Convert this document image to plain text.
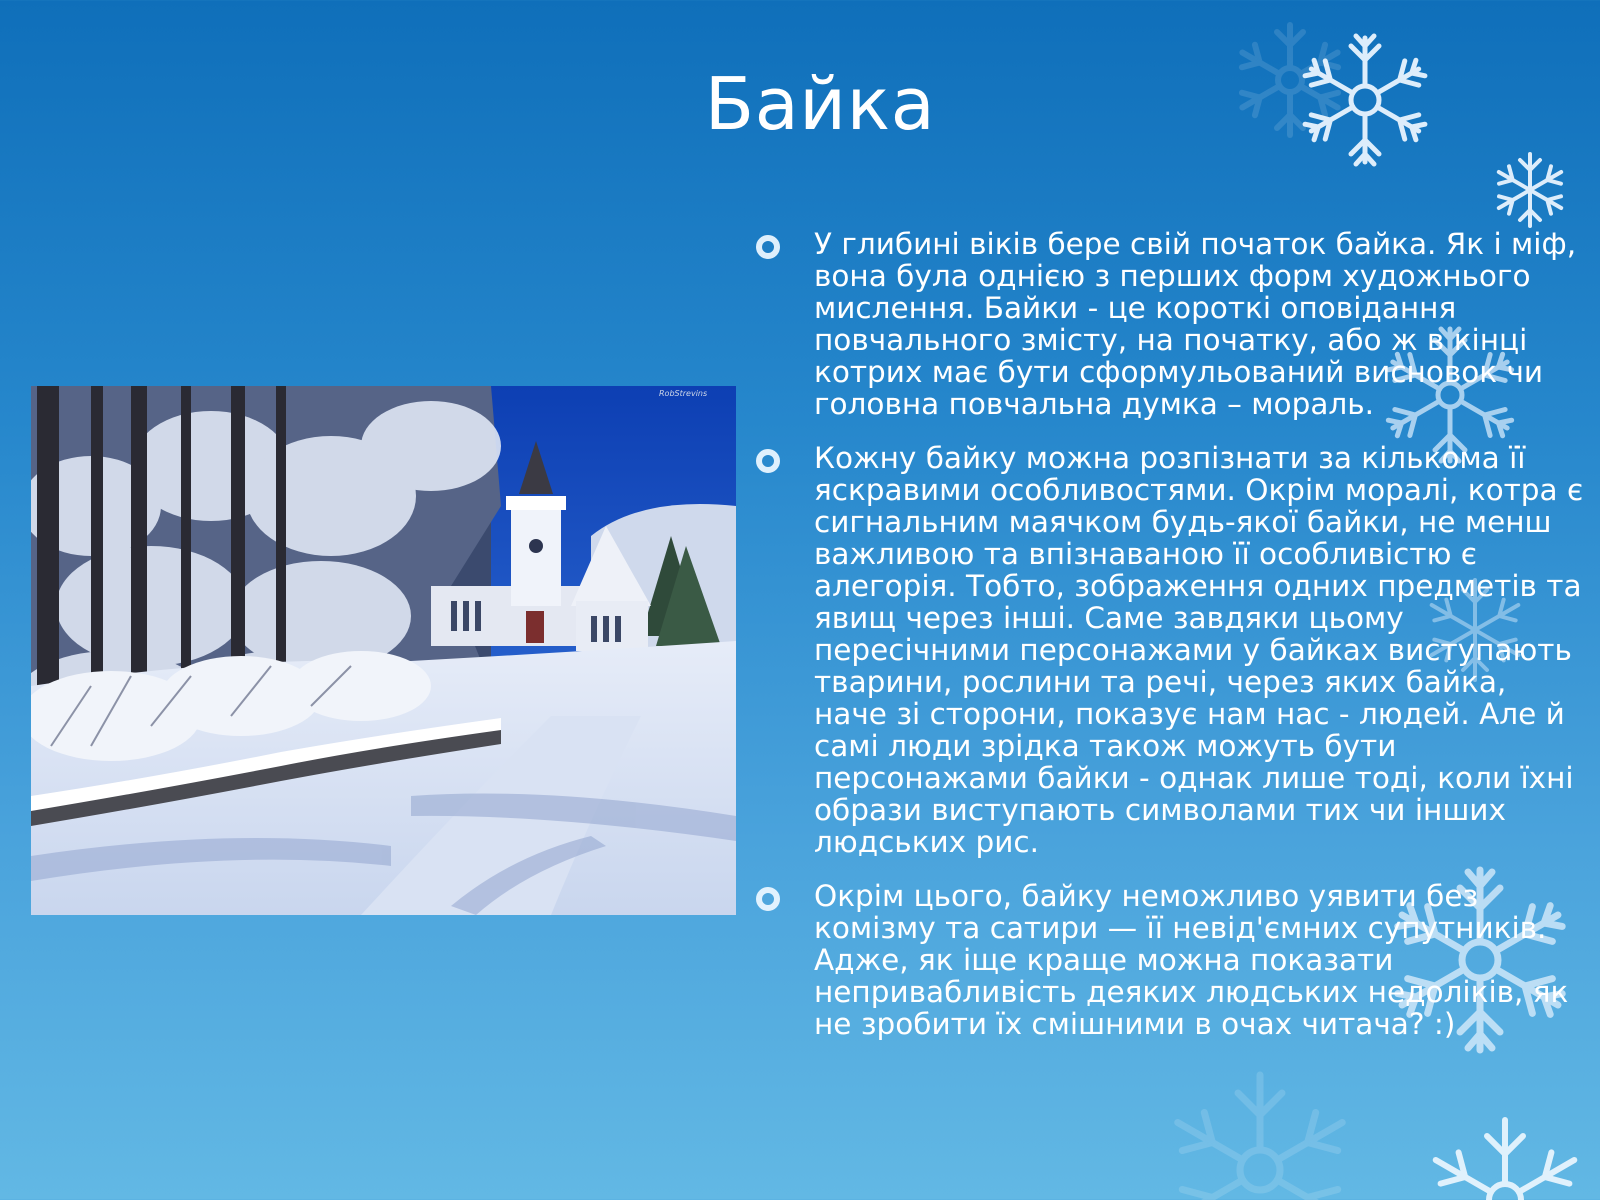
Байка
RobStrevins
У глибині віків бере свій початок байка. Як і міф, вона була однією з перших форм художнього мислення. Байки - це короткі оповідання повчального змісту, на початку, або ж в кінці котрих має бути сформульований висновок чи головна повчальна думка – мораль.
Кожну байку можна розпізнати за кількома її яскравими особливостями. Окрім моралі, котра є сигнальним маячком будь-якої байки, не менш важливою та впізнаваною її особливістю є алегорія. Тобто, зображення одних предметів та явищ через інші. Саме завдяки цьому пересічними персонажами у байках виступають тварини, рослини та речі, через яких байка, наче зі сторони, показує нам нас - людей. Але й самі люди зрідка також можуть бути персонажами байки - однак лише тоді, коли їхні образи виступають символами тих чи інших людських рис.
Окрім цього, байку неможливо уявити без комізму та сатири — її невід'ємних супутників. Адже, як іще краще можна показати непривабливість деяких людських недоліків, як не зробити їх смішними в очах читача? :)
